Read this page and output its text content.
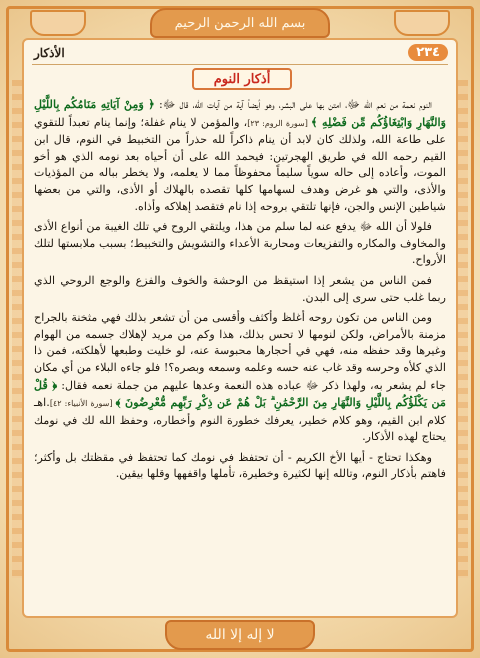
بسم الله الرحمن الرحيم
لا إله إلا الله
٢٣٤
الأذكار
أذكار النوم

النوم نعمة من نعم الله ﷻ، امتن بها على البشر، وهو أيضاً آية من آيات الله، قال ﷻ: ﴿ وَمِنْ آيَاتِهِ مَنَامُكُم بِاللَّيْلِ وَالنَّهَارِ وَابْتِغَاؤُكُم مِّن فَضْلِهِ ﴾ [سورة الروم: ٢٣]، والمؤمن لا ينام غفلة؛ وإنما ينام تعبداً للتقوي على طاعة الله، ولذلك كان لابد أن ينام ذاكراً لله حذراً من التخبيط في النوم، قال ابن القيم رحمه الله في طريق الهجرتين: فيحمد الله على أن أحياه بعد نومه الذي هو أخو الموت، وأعاده إلى حاله سوياً سليماً محفوظاً مما لا يعلمه، ولا يخطر بباله من المؤذيات والأذى، والتي هو غرض وهدف لسهامها كلها تقصده بالهلاك أو الأذى، والتي من بعضها شياطين الإنس والجن، فإنها تلتقي بروحه إذا نام فتقصد إهلاكه وأذاه.

فلولا أن الله ﷻ يدفع عنه لما سلم من هذا، ويلتقي الروح في تلك الغيبة من أنواع الأذى والمخاوف والمكاره والتفزيعات ومحاربة الأعداء والتشويش والتخبيط؛ بسبب ملابستها لتلك الأرواح.

فمن الناس من يشعر إذا استيقظ من الوحشة والخوف والفزع والوجع الروحي الذي ربما غلب حتى سرى إلى البدن.

ومن الناس من تكون روحه أغلظ وأكثف وأقسى من أن تشعر بذلك فهي مثخنة بالجراح مزمنة بالأمراض، ولكن لنومها لا تحس بذلك، هذا وكم من مريد لإهلاك جسمه من الهوام وغيرها وقد حفظه منه، فهي في أحجارها محبوسة عنه، لو خليت وطبعها لأهلكته، فمن ذا الذي كلأه وحرسه وقد غاب عنه حسه وعلمه وسمعه وبصره؟! فلو جاءه البلاء من أي مكان جاء لم يشعر به، ولهذا ذكر ﷻ عباده هذه النعمة وعدها عليهم من جملة نعمه فقال: ﴿ قُلْ مَن يَكْلَؤُكُم بِاللَّيْلِ وَالنَّهَارِ مِنَ الرَّحْمَٰنِ ۗ بَلْ هُمْ عَن ذِكْرِ رَبِّهِم مُّعْرِضُونَ ﴾ [سورة الأنبياء: ٤٢].اهـ كلام ابن القيم، وهو كلام خطير، يعرفك خطورة النوم وأخطاره، وحفظ الله لك في نومك يحتاج لهذه الأذكار.

وهكذا تحتاج - أيها الأخ الكريم - أن تحتفظ في نومك كما تحتفظ في مقظتك بل وأكثر؛ فاهتم بأذكار النوم، وتالله إنها لكثيرة وخطيرة، تأملها واقفهها وقلها بيقين.
